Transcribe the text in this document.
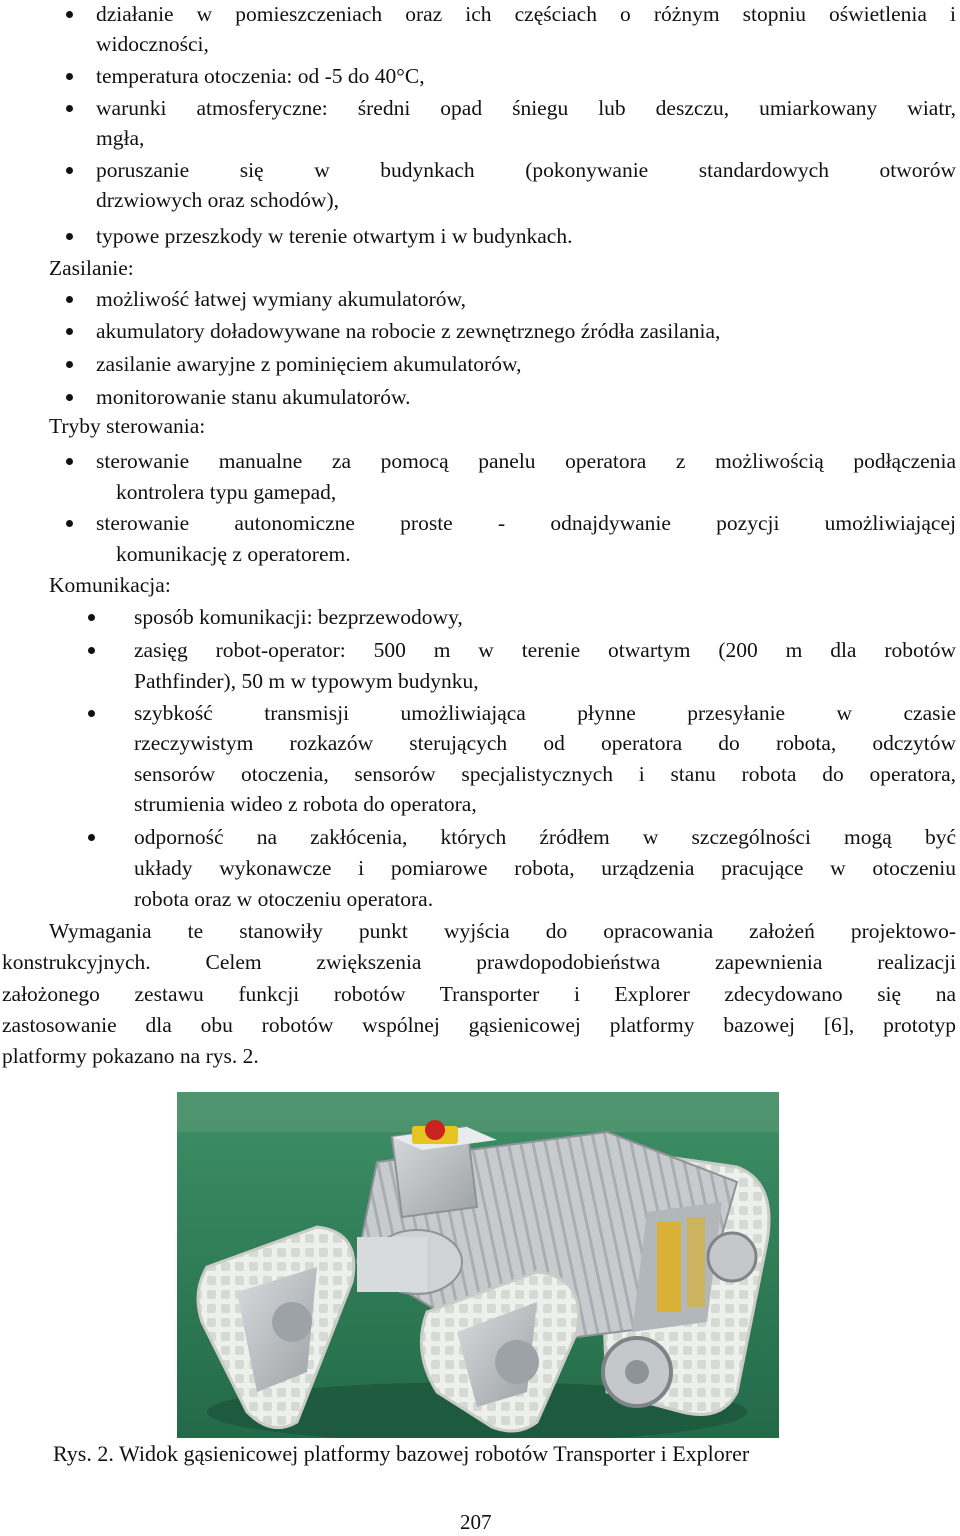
działanie w pomieszczeniach oraz ich częściach o różnym stopniu oświetlenia i
widoczności,
temperatura otoczenia: od -5 do 40°C,
warunki atmosferyczne: średni opad śniegu lub deszczu, umiarkowany wiatr,
mgła,
poruszanie się w budynkach (pokonywanie standardowych otworów
drzwiowych oraz schodów),
typowe przeszkody w terenie otwartym i w budynkach.
Zasilanie:
możliwość łatwej wymiany akumulatorów,
akumulatory doładowywane na robocie z zewnętrznego źródła zasilania,
zasilanie awaryjne z pominięciem akumulatorów,
monitorowanie stanu akumulatorów.
Tryby sterowania:
sterowanie manualne za pomocą panelu operatora z możliwością podłączenia
kontrolera typu gamepad,
sterowanie autonomiczne proste - odnajdywanie pozycji umożliwiającej
komunikację z operatorem.
Komunikacja:
sposób komunikacji: bezprzewodowy,
zasięg robot-operator: 500 m w terenie otwartym (200 m dla robotów
Pathfinder), 50 m w typowym budynku,
szybkość transmisji umożliwiająca płynne przesyłanie w czasie
rzeczywistym rozkazów sterujących od operatora do robota, odczytów
sensorów otoczenia, sensorów specjalistycznych i stanu robota do operatora,
strumienia wideo z robota do operatora,
odporność na zakłócenia, których źródłem w szczególności mogą być
układy wykonawcze i pomiarowe robota, urządzenia pracujące w otoczeniu
robota oraz w otoczeniu operatora.
Wymagania te stanowiły punkt wyjścia do opracowania założeń projektowo-
konstrukcyjnych. Celem zwiększenia prawdopodobieństwa zapewnienia realizacji
założonego zestawu funkcji robotów Transporter i Explorer zdecydowano się na
zastosowanie dla obu robotów wspólnej gąsienicowej platformy bazowej [6], prototyp
platformy pokazano na rys. 2.
Rys. 2. Widok gąsienicowej platformy bazowej robotów Transporter i Explorer
207
